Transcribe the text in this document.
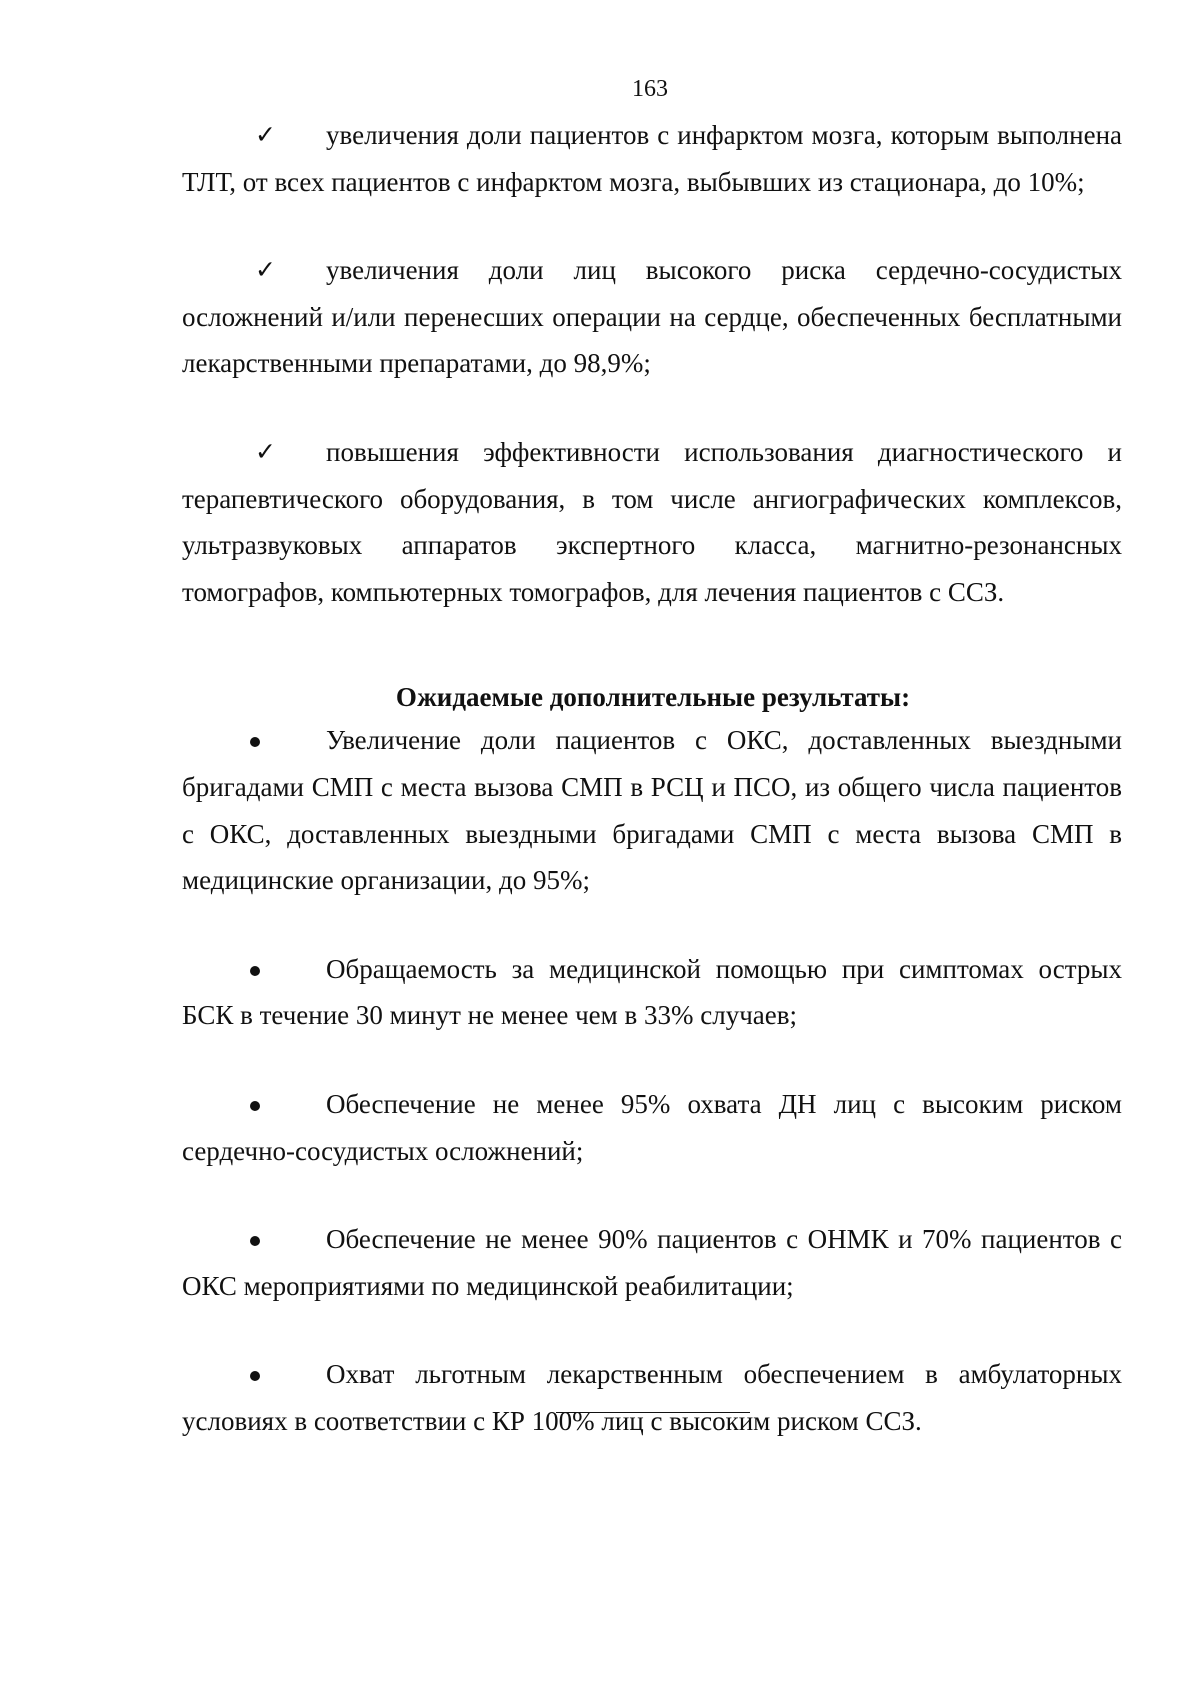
163

✓ увеличения доли пациентов с инфарктом мозга, которым выполнена ТЛТ, от всех пациентов с инфарктом мозга, выбывших из стационара, до 10%;

✓ увеличения доли лиц высокого риска сердечно-сосудистых осложнений и/или перенесших операции на сердце, обеспеченных бесплатными лекарственными препаратами, до 98,9%;

✓ повышения эффективности использования диагностического и терапевтического оборудования, в том числе ангиографических комплексов, ультразвуковых аппаратов экспертного класса, магнитно-резонансных томографов, компьютерных томографов, для лечения пациентов с ССЗ.

Ожидаемые дополнительные результаты:

Увеличение доли пациентов с ОКС, доставленных выездными бригадами СМП с места вызова СМП в РСЦ и ПСО, из общего числа пациентов с ОКС, доставленных выездными бригадами СМП с места вызова СМП в медицинские организации, до 95%;

Обращаемость за медицинской помощью при симптомах острых БСК в течение 30 минут не менее чем в 33% случаев;

Обеспечение не менее 95% охвата ДН лиц с высоким риском сердечно-сосудистых осложнений;

Обеспечение не менее 90% пациентов с ОНМК и 70% пациентов с ОКС мероприятиями по медицинской реабилитации;

Охват льготным лекарственным обеспечением в амбулаторных условиях в соответствии с КР 100% лиц с высоким риском ССЗ.
